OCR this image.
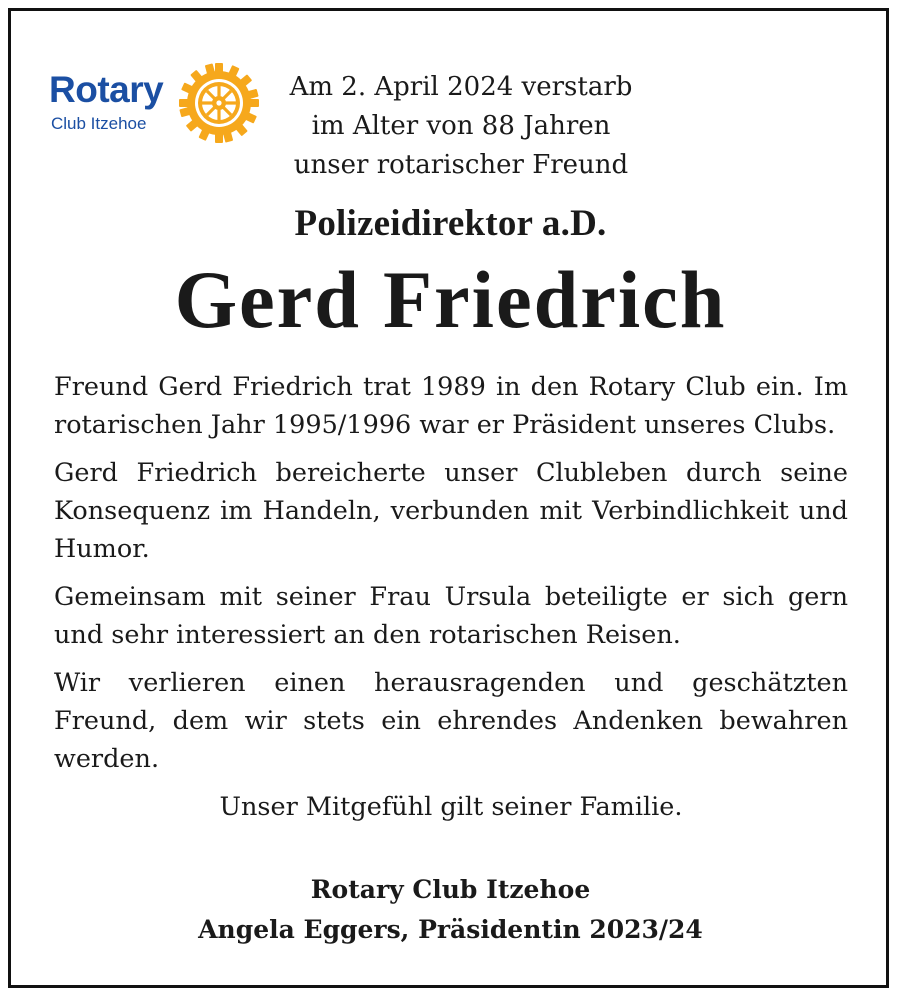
Rotary
Club Itzehoe
Am 2. April 2024 verstarb
im Alter von 88 Jahren
unser rotarischer Freund
Polizeidirektor a.D.
Gerd Friedrich

Freund Gerd Friedrich trat 1989 in den Rotary Club ein. Im rotarischen Jahr 1995/1996 war er Präsident unseres Clubs.

Gerd Friedrich bereicherte unser Clubleben durch seine Konsequenz im Handeln, verbunden mit Verbindlichkeit und Humor.

Gemeinsam mit seiner Frau Ursula beteiligte er sich gern und sehr interessiert an den rotarischen Reisen.

Wir verlieren einen herausragenden und geschätzten Freund, dem wir stets ein ehrendes Andenken bewahren werden.

Unser Mitgefühl gilt seiner Familie.

Rotary Club Itzehoe
Angela Eggers, Präsidentin 2023/24
